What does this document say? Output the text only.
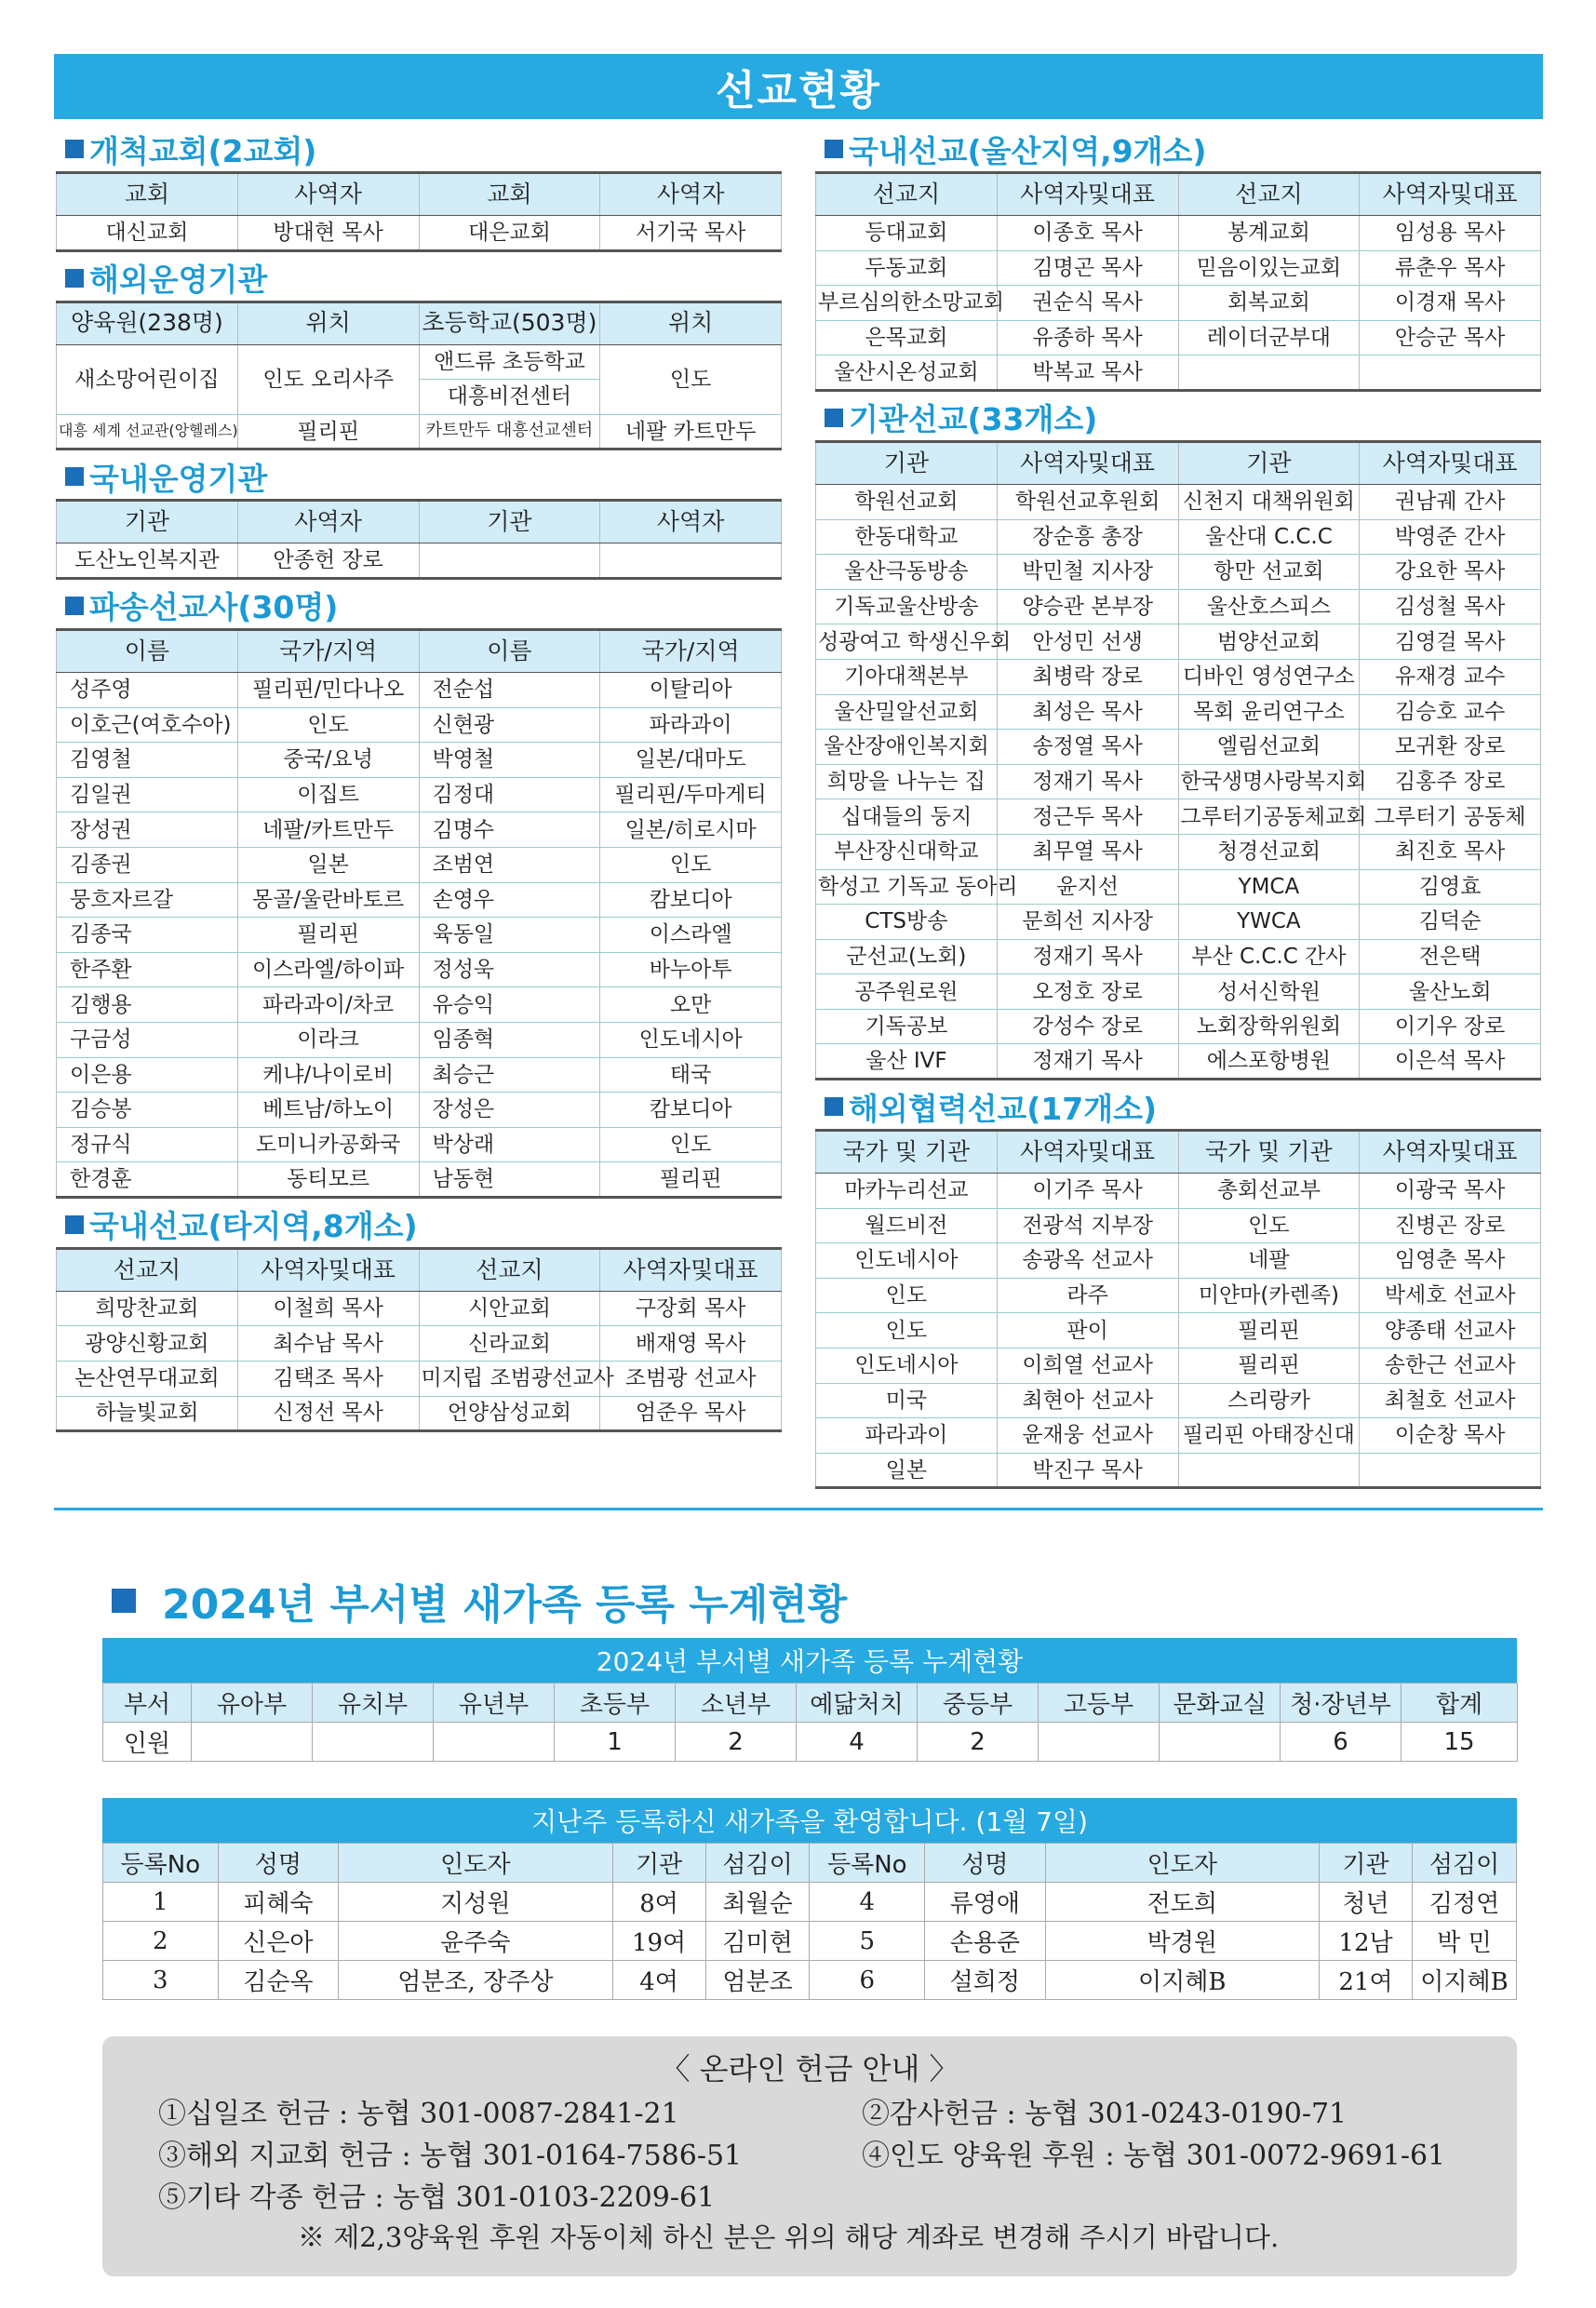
선교현황
개척교회(2교회)
교회	사역자	교회	사역자
대신교회	방대현 목사	대은교회	서기국 목사
해외운영기관
양육원(238명)	위치	초등학교(503명)	위치
새소망어린이집	인도 오리사주	앤드류 초등학교	인도
		대흥비전센터	
대흥 세계 선교관(앙헬레스)	필리핀	카트만두 대흥선교센터	네팔 카트만두
국내운영기관
기관	사역자	기관	사역자
도산노인복지관	안종헌 장로		
파송선교사(30명)
이름	국가/지역	이름	국가/지역
성주영	필리핀/민다나오	전순섭	이탈리아
이호근(여호수아)	인도	신현광	파라과이
김영철	중국/요녕	박영철	일본/대마도
김일권	이집트	김정대	필리핀/두마게티
장성권	네팔/카트만두	김명수	일본/히로시마
김종권	일본	조범연	인도
뭉흐자르갈	몽골/울란바토르	손영우	캄보디아
김종국	필리핀	육동일	이스라엘
한주환	이스라엘/하이파	정성욱	바누아투
김행용	파라과이/차코	유승익	오만
구금성	이라크	임종혁	인도네시아
이은용	케냐/나이로비	최승근	태국
김승봉	베트남/하노이	장성은	캄보디아
정규식	도미니카공화국	박상래	인도
한경훈	동티모르	남동현	필리핀
국내선교(타지역,8개소)
선교지	사역자및대표	선교지	사역자및대표
희망찬교회	이철희 목사	시안교회	구장회 목사
광양신황교회	최수남 목사	신라교회	배재영 목사
논산연무대교회	김택조 목사	미지립 조범광선교사	조범광 선교사
하늘빛교회	신정선 목사	언양삼성교회	엄준우 목사
국내선교(울산지역,9개소)
선교지	사역자및대표	선교지	사역자및대표
등대교회	이종호 목사	봉계교회	임성용 목사
두동교회	김명곤 목사	믿음이있는교회	류춘우 목사
부르심의한소망교회	권순식 목사	회복교회	이경재 목사
은목교회	유종하 목사	레이더군부대	안승군 목사
울산시온성교회	박복교 목사		
기관선교(33개소)
기관	사역자및대표	기관	사역자및대표
학원선교회	학원선교후원회	신천지 대책위원회	권남궤 간사
한동대학교	장순흥 총장	울산대 C.C.C	박영준 간사
울산극동방송	박민철 지사장	항만 선교회	강요한 목사
기독교울산방송	양승관 본부장	울산호스피스	김성철 목사
성광여고 학생신우회	안성민 선생	범양선교회	김영걸 목사
기아대책본부	최병락 장로	디바인 영성연구소	유재경 교수
울산밀알선교회	최성은 목사	목회 윤리연구소	김승호 교수
울산장애인복지회	송정열 목사	엘림선교회	모귀환 장로
희망을 나누는 집	정재기 목사	한국생명사랑복지회	김홍주 장로
십대들의 둥지	정근두 목사	그루터기공동체교회	그루터기 공동체
부산장신대학교	최무열 목사	청경선교회	최진호 목사
학성고 기독교 동아리	윤지선	YMCA	김영효
CTS방송	문희선 지사장	YWCA	김덕순
군선교(노회)	정재기 목사	부산 C.C.C 간사	전은택
공주원로원	오정호 장로	성서신학원	울산노회
기독공보	강성수 장로	노회장학위원회	이기우 장로
울산 IVF	정재기 목사	에스포항병원	이은석 목사
해외협력선교(17개소)
국가 및 기관	사역자및대표	국가 및 기관	사역자및대표
마카누리선교	이기주 목사	총회선교부	이광국 목사
월드비전	전광석 지부장	인도	진병곤 장로
인도네시아	송광옥 선교사	네팔	임영춘 목사
인도	라주	미얀마(카렌족)	박세호 선교사
인도	판이	필리핀	양종태 선교사
인도네시아	이희열 선교사	필리핀	송한근 선교사
미국	최현아 선교사	스리랑카	최철호 선교사
파라과이	윤재웅 선교사	필리핀 아태장신대	이순창 목사
일본	박진구 목사		
2024년 부서별 새가족 등록 누계현황
2024년 부서별 새가족 등록 누계현황
부서	유아부	유치부	유년부	초등부	소년부	예닮처치	중등부	고등부	문화교실	청·장년부	합계
인원				1	2	4	2			6	15
지난주 등록하신 새가족을 환영합니다. (1월 7일)
등록No	성명	인도자	기관	섬김이	등록No	성명	인도자	기관	섬김이
1	피혜숙	지성원	8여	최월순	4	류영애	전도희	청년	김정연
2	신은아	윤주숙	19여	김미현	5	손용준	박경원	12남	박 민
3	김순옥	엄분조, 장주상	4여	엄분조	6	설희정	이지혜B	21여	이지혜B
〈 온라인 헌금 안내 〉
①십일조 헌금 : 농협 301-0087-2841-21	②감사헌금 : 농협 301-0243-0190-71
③해외 지교회 헌금 : 농협 301-0164-7586-51	④인도 양육원 후원 : 농협 301-0072-9691-61
⑤기타 각종 헌금 : 농협 301-0103-2209-61
※ 제2,3양육원 후원 자동이체 하신 분은 위의 해당 계좌로 변경해 주시기 바랍니다.
